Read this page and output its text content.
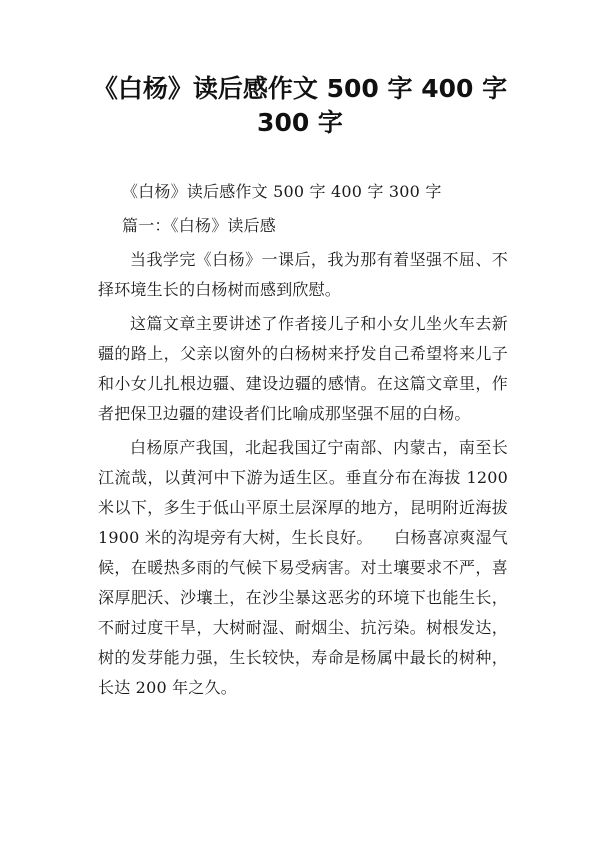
《白杨》读后感作文 500 字 400 字
300 字

《白杨》读后感作文 500 字 400 字 300 字

篇一：《白杨》读后感

当我学完《白杨》一课后，我为那有着坚强不屈、不择环境生长的白杨树而感到欣慰。

这篇文章主要讲述了作者接儿子和小女儿坐火车去新疆的路上，父亲以窗外的白杨树来抒发自己希望将来儿子和小女儿扎根边疆、建设边疆的感情。在这篇文章里，作者把保卫边疆的建设者们比喻成那坚强不屈的白杨。

白杨原产我国，北起我国辽宁南部、内蒙古，南至长江流哉，以黄河中下游为适生区。垂直分布在海拔 1200 米以下，多生于低山平原土层深厚的地方，昆明附近海拔 1900 米的沟堤旁有大树，生长良好。    白杨喜凉爽湿气候，在暖热多雨的气候下易受病害。对土壤要求不严，喜深厚肥沃、沙壤土，在沙尘暴这恶劣的环境下也能生长，不耐过度干旱，大树耐湿、耐烟尘、抗污染。树根发达，树的发芽能力强，生长较快，寿命是杨属中最长的树种，长达 200 年之久。
